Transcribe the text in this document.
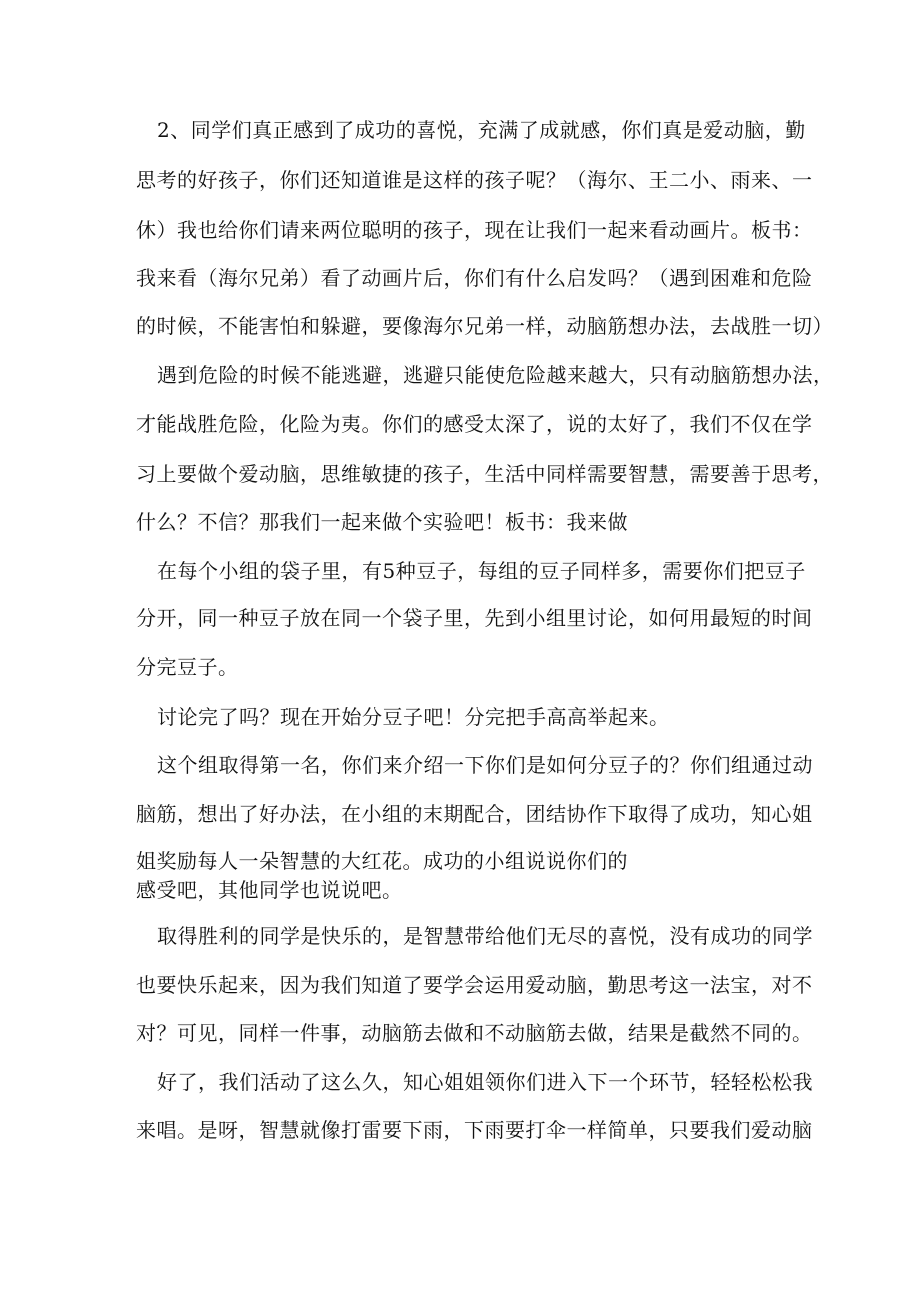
2、同学们真正感到了成功的喜悦，充满了成就感，你们真是爱动脑，勤
思考的好孩子，你们还知道谁是这样的孩子呢？（海尔、王二小、雨来、一
休）我也给你们请来两位聪明的孩子，现在让我们一起来看动画片。板书：
我来看（海尔兄弟）看了动画片后，你们有什么启发吗？（遇到困难和危险
的时候，不能害怕和躲避，要像海尔兄弟一样，动脑筋想办法，去战胜一切）
遇到危险的时候不能逃避，逃避只能使危险越来越大，只有动脑筋想办法，
才能战胜危险，化险为夷。你们的感受太深了，说的太好了，我们不仅在学
习上要做个爱动脑，思维敏捷的孩子，生活中同样需要智慧，需要善于思考，
什么？不信？那我们一起来做个实验吧！板书：我来做
在每个小组的袋子里，有5种豆子，每组的豆子同样多，需要你们把豆子
分开，同一种豆子放在同一个袋子里，先到小组里讨论，如何用最短的时间
分完豆子。
讨论完了吗？现在开始分豆子吧！分完把手高高举起来。
这个组取得第一名，你们来介绍一下你们是如何分豆子的？你们组通过动
脑筋，想出了好办法，在小组的末期配合，团结协作下取得了成功，知心姐
姐奖励每人一朵智慧的大红花。成功的小组说说你们的
感受吧，其他同学也说说吧。
取得胜利的同学是快乐的，是智慧带给他们无尽的喜悦，没有成功的同学
也要快乐起来，因为我们知道了要学会运用爱动脑，勤思考这一法宝，对不
对？可见，同样一件事，动脑筋去做和不动脑筋去做，结果是截然不同的。
好了，我们活动了这么久，知心姐姐领你们进入下一个环节，轻轻松松我
来唱。是呀，智慧就像打雷要下雨，下雨要打伞一样简单，只要我们爱动脑
